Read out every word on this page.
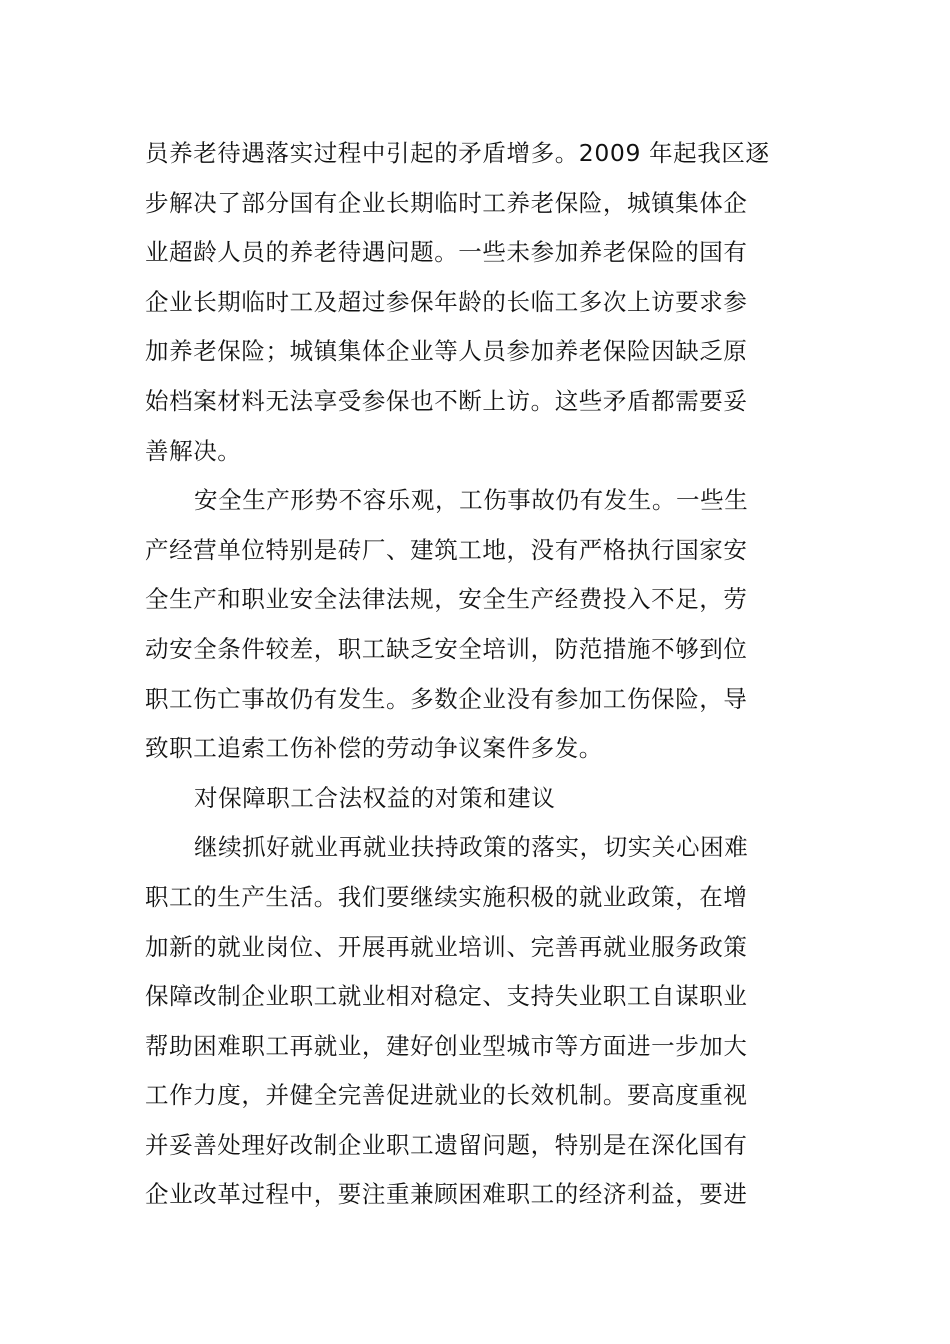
员养老待遇落实过程中引起的矛盾增多。2009 年起我区逐
步解决了部分国有企业长期临时工养老保险，城镇集体企
业超龄人员的养老待遇问题。一些未参加养老保险的国有
企业长期临时工及超过参保年龄的长临工多次上访要求参
加养老保险；城镇集体企业等人员参加养老保险因缺乏原
始档案材料无法享受参保也不断上访。这些矛盾都需要妥
善解决。
安全生产形势不容乐观，工伤事故仍有发生。一些生
产经营单位特别是砖厂、建筑工地，没有严格执行国家安
全生产和职业安全法律法规，安全生产经费投入不足，劳
动安全条件较差，职工缺乏安全培训，防范措施不够到位
职工伤亡事故仍有发生。多数企业没有参加工伤保险，导
致职工追索工伤补偿的劳动争议案件多发。
对保障职工合法权益的对策和建议
继续抓好就业再就业扶持政策的落实，切实关心困难
职工的生产生活。我们要继续实施积极的就业政策，在增
加新的就业岗位、开展再就业培训、完善再就业服务政策
保障改制企业职工就业相对稳定、支持失业职工自谋职业
帮助困难职工再就业，建好创业型城市等方面进一步加大
工作力度，并健全完善促进就业的长效机制。要高度重视
并妥善处理好改制企业职工遗留问题，特别是在深化国有
企业改革过程中，要注重兼顾困难职工的经济利益，要进
